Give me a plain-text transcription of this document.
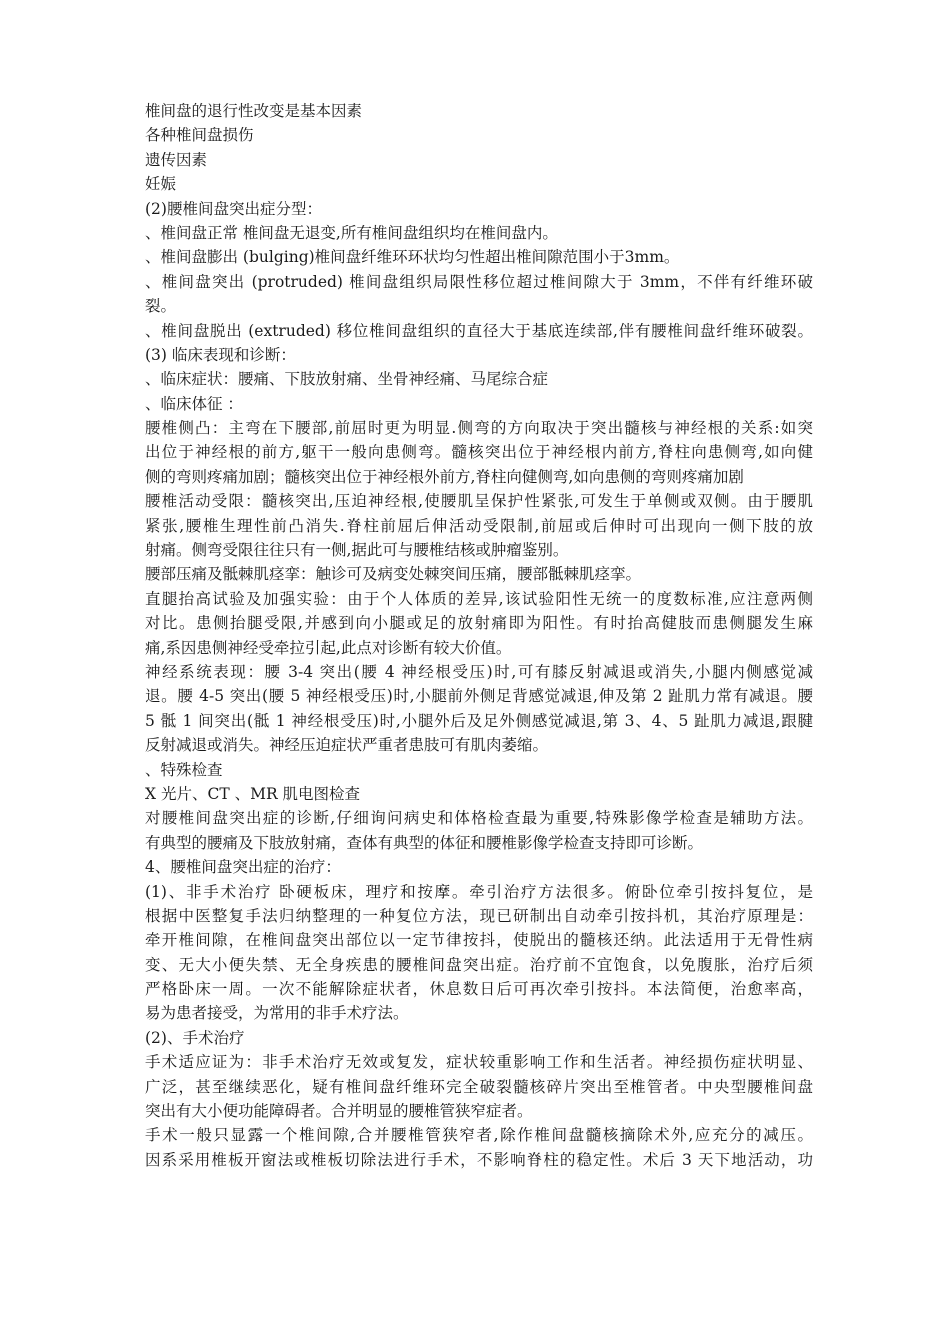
椎间盘的退行性改变是基本因素
各种椎间盘损伤
遗传因素
妊娠
(2)腰椎间盘突出症分型：
、椎间盘正常 椎间盘无退变,所有椎间盘组织均在椎间盘内。
、椎间盘膨出 (bulging)椎间盘纤维环环状均匀性超出椎间隙范围小于3mm。
、椎间盘突出 (protruded) 椎间盘组织局限性移位超过椎间隙大于 3mm，不伴有纤维环破
裂。
、椎间盘脱出 (extruded) 移位椎间盘组织的直径大于基底连续部,伴有腰椎间盘纤维环破裂。
(3) 临床表现和诊断：
、临床症状：腰痛、下肢放射痛、坐骨神经痛、马尾综合症
、临床体征 ：
腰椎侧凸：主弯在下腰部,前屈时更为明显.侧弯的方向取决于突出髓核与神经根的关系:如突
出位于神经根的前方,躯干一般向患侧弯。髓核突出位于神经根内前方,脊柱向患侧弯,如向健
侧的弯则疼痛加剧；髓核突出位于神经根外前方,脊柱向健侧弯,如向患侧的弯则疼痛加剧
腰椎活动受限：髓核突出,压迫神经根,使腰肌呈保护性紧张,可发生于单侧或双侧。由于腰肌
紧张,腰椎生理性前凸消失.脊柱前屈后伸活动受限制,前屈或后伸时可出现向一侧下肢的放
射痛。侧弯受限往往只有一侧,据此可与腰椎结核或肿瘤鉴别。
腰部压痛及骶棘肌痉挛：触诊可及病变处棘突间压痛，腰部骶棘肌痉挛。
直腿抬高试验及加强实验：由于个人体质的差异,该试验阳性无统一的度数标准,应注意两侧
对比。患侧抬腿受限,并感到向小腿或足的放射痛即为阳性。有时抬高健肢而患侧腿发生麻
痛,系因患侧神经受牵拉引起,此点对诊断有较大价值。
神经系统表现：腰 3-4 突出(腰 4 神经根受压)时,可有膝反射减退或消失,小腿内侧感觉减
退。腰 4-5 突出(腰 5 神经根受压)时,小腿前外侧足背感觉减退,伸及第 2 趾肌力常有减退。腰
5 骶 1 间突出(骶 1 神经根受压)时,小腿外后及足外侧感觉减退,第 3、4、5 趾肌力减退,跟腱
反射减退或消失。神经压迫症状严重者患肢可有肌肉萎缩。
、特殊检查
X 光片、CT 、MR 肌电图检查
对腰椎间盘突出症的诊断,仔细询问病史和体格检查最为重要,特殊影像学检查是辅助方法。
有典型的腰痛及下肢放射痛，查体有典型的体征和腰椎影像学检查支持即可诊断。
4、腰椎间盘突出症的治疗：
(1)、非手术治疗 卧硬板床，理疗和按摩。牵引治疗方法很多。俯卧位牵引按抖复位，是
根据中医整复手法归纳整理的一种复位方法，现已研制出自动牵引按抖机，其治疗原理是：
牵开椎间隙，在椎间盘突出部位以一定节律按抖，使脱出的髓核还纳。此法适用于无骨性病
变、无大小便失禁、无全身疾患的腰椎间盘突出症。治疗前不宜饱食，以免腹胀，治疗后须
严格卧床一周。一次不能解除症状者，休息数日后可再次牵引按抖。本法简便，治愈率高，
易为患者接受，为常用的非手术疗法。
(2)、手术治疗
手术适应证为：非手术治疗无效或复发，症状较重影响工作和生活者。神经损伤症状明显、
广泛，甚至继续恶化，疑有椎间盘纤维环完全破裂髓核碎片突出至椎管者。中央型腰椎间盘
突出有大小便功能障碍者。合并明显的腰椎管狭窄症者。
手术一般只显露一个椎间隙,合并腰椎管狭窄者,除作椎间盘髓核摘除术外,应充分的减压。
因系采用椎板开窗法或椎板切除法进行手术，不影响脊柱的稳定性。术后 3 天下地活动，功
